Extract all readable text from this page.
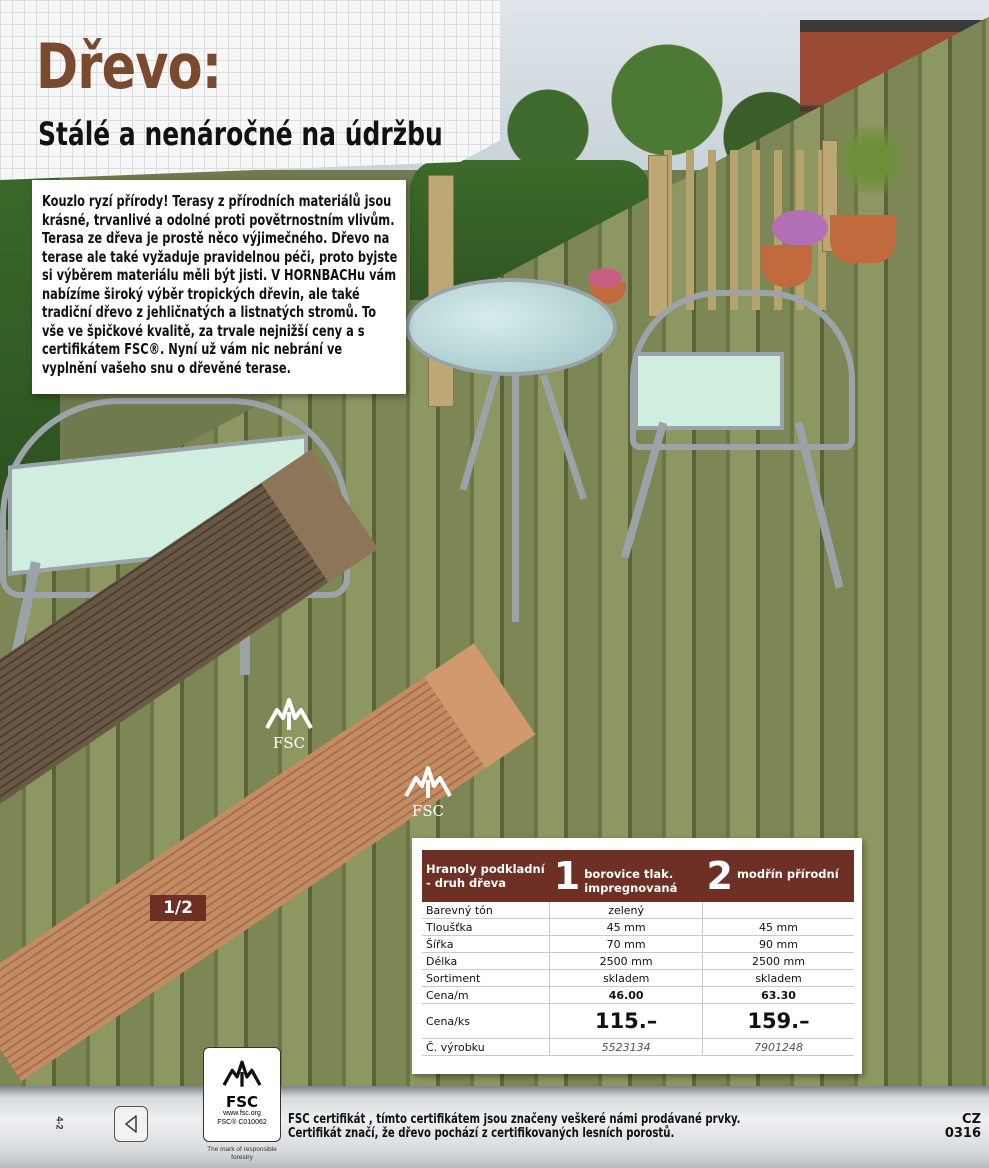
Dřevo:
Stálé a nenáročné na údržbu

Kouzlo ryzí přírody! Terasy z přírodních materiálů jsou krásné, trvanlivé a odolné proti povětrnostním vlivům. Terasa ze dřeva je prostě něco výjimečného. Dřevo na terase ale také vyžaduje pravidelnou péči, proto byjste si výběrem materiálu měli být jisti. V HORNBACHu vám nabízíme široký výběr tropických dřevin, ale také tradiční dřevo z jehličnatých a listnatých stromů. To vše ve špičkové kvalitě, za trvale nejnižší ceny a s certifikátem FSC®. Nyní už vám nic nebrání ve vyplnění vašeho snu o dřevěné terase.

FSC
FSC
1/2
Hranoly podkladní - druh dřeva	1 borovice tlak. impregnovaná	2 modřín přírodní

Barevný tón	zelený	
Tloušťka	45 mm	45 mm
Šířka	70 mm	90 mm
Délka	2500 mm	2500 mm
Sortiment	skladem	skladem
Cena/m	46.00	63.30
Cena/ks	115.–	159.–
Č. výrobku	5523134	7901248
4-2
FSC
www.fsc.org
FSC® C010062
The mark of responsible forestry
FSC certifikát , tímto certifikátem jsou značeny veškeré námi prodávané prvky.
Certifikát značí, že dřevo pochází z certifikovaných lesních porostů.
CZ
0316
